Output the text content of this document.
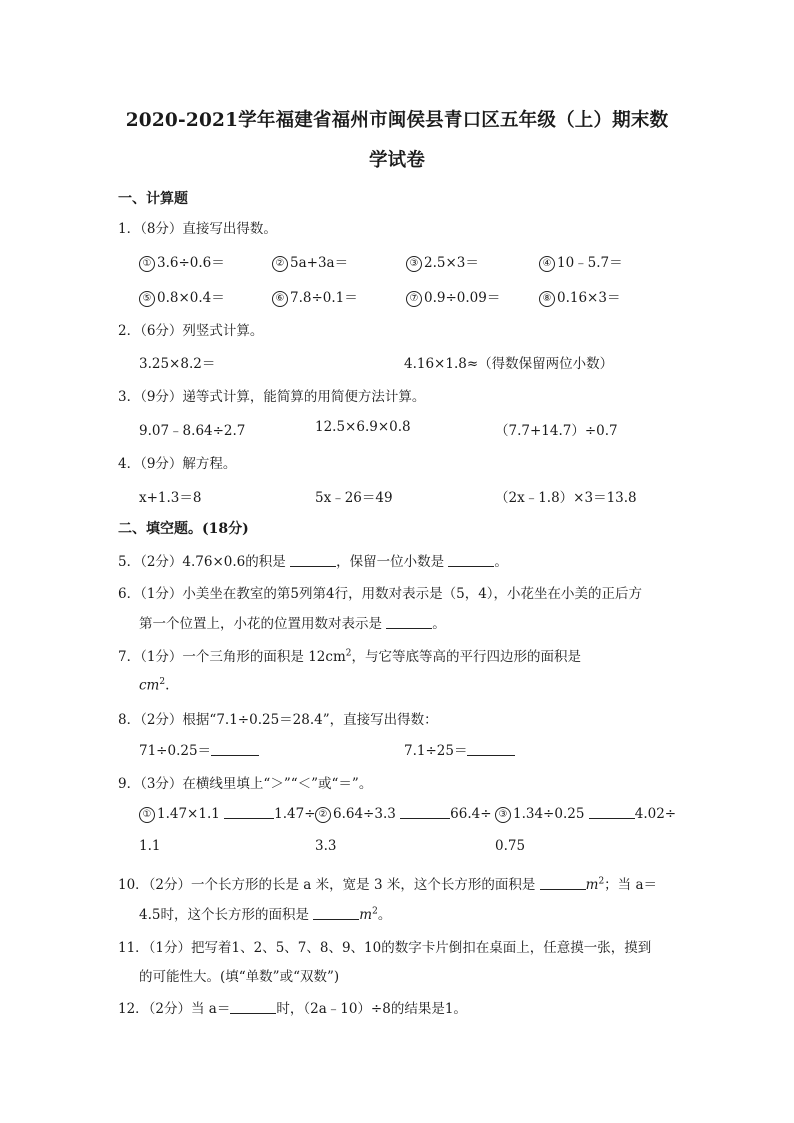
2020-2021学年福建省福州市闽侯县青口区五年级（上）期末数
学试卷
一、计算题
1．（8分）直接写出得数。
① 3.6÷0.6＝	② 5a+3a＝	③ 2.5×3＝	④ 10﹣5.7＝
⑤ 0.8×0.4＝	⑥ 7.8÷0.1＝	⑦ 0.9÷0.09＝	⑧ 0.16×3＝
2．（6分）列竖式计算。
3.25×8.2＝	4.16×1.8≈（得数保留两位小数）
3．（9分）递等式计算，能简算的用简便方法计算。
9.07﹣8.64÷2.7	12.5×6.9×0.8	（7.7+14.7）÷0.7
4．（9分）解方程。
x+1.3＝8	5x﹣26＝49	（2x﹣1.8）×3＝13.8
二、填空题。(18分)
5．（2分）4.76×0.6的积是	，保留一位小数是	。
6．（1分）小美坐在教室的第5列第4行，用数对表示是（5，4），小花坐在小美的正后方
第一个位置上，小花的位置用数对表示是	。
7．（1分）一个三角形的面积是 $12cm^2$，与它等底等高的平行四边形的面积是
$cm^2$.
8．（2分）根据“7.1÷0.25＝28.4”，直接写出得数：
71÷0.25＝	7.1÷25＝
9．（3分）在横线里填上“＞”“＜”或“＝”。
① 1.47×1.1	1.47÷
1.1
② 6.64÷3.3	66.4÷
3.3
③ 1.34÷0.25	4.02÷
0.75
10．（2分）一个长方形的长是 a 米，宽是 3 米，这个长方形的面积是	$m^2$；当 a＝
4.5时，这个长方形的面积是	$m^2$。
11．（1分）把写着1、2、5、7、8、9、10的数字卡片倒扣在桌面上，任意摸一张，摸到
的可能性大。(填“单数”或“双数”)
12．（2分）当 a＝	时，（2a﹣10）÷8的结果是1。
